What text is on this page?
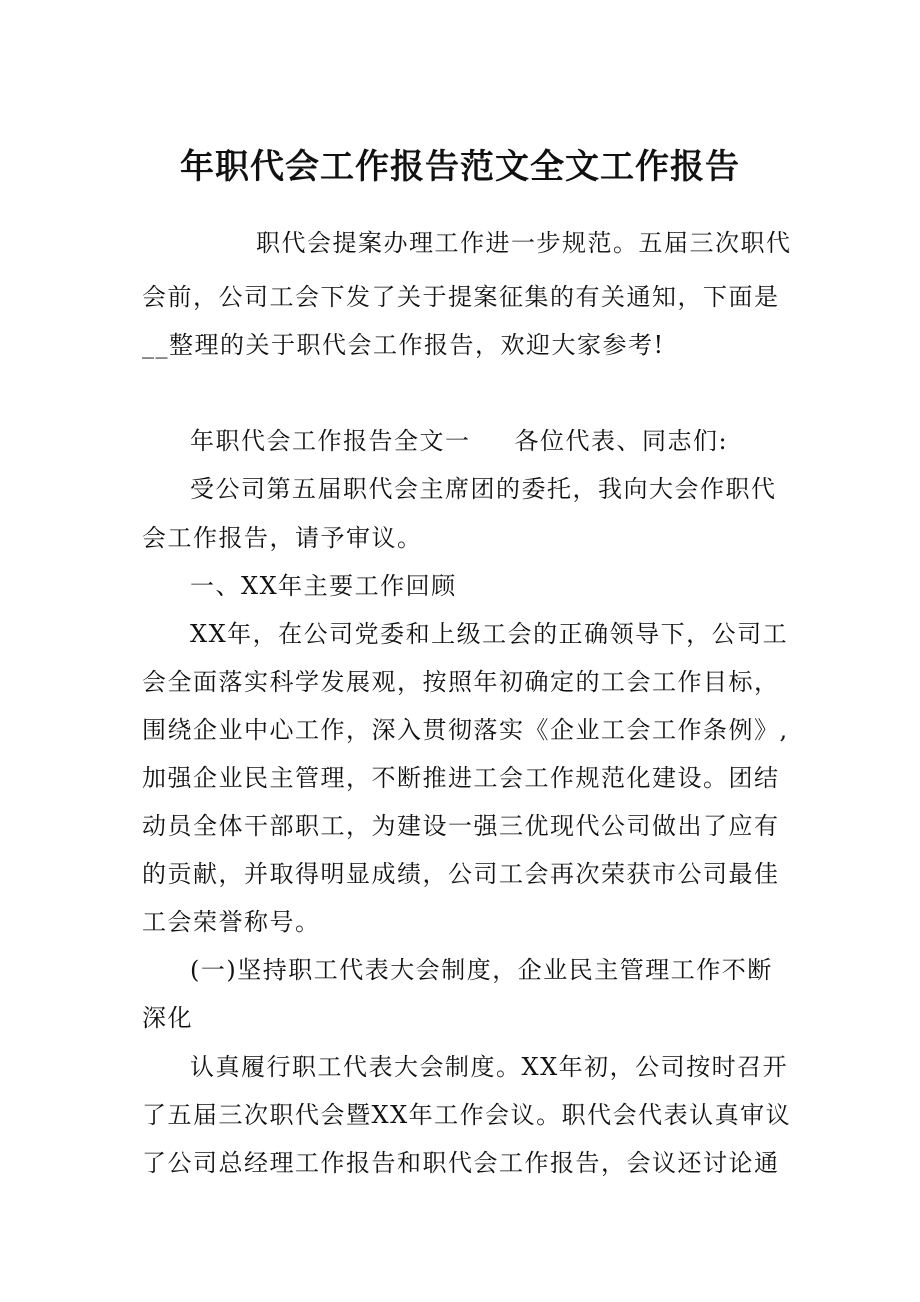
年职代会工作报告范文全文工作报告
职代会提案办理工作进一步规范。五届三次职代
会前，公司工会下发了关于提案征集的有关通知，下面是
__整理的关于职代会工作报告，欢迎大家参考!
年职代会工作报告全文一 各位代表、同志们:
受公司第五届职代会主席团的委托，我向大会作职代
会工作报告，请予审议。
一、XX年主要工作回顾
XX年，在公司党委和上级工会的正确领导下，公司工
会全面落实科学发展观，按照年初确定的工会工作目标，
围绕企业中心工作，深入贯彻落实《企业工会工作条例》,
加强企业民主管理，不断推进工会工作规范化建设。团结
动员全体干部职工，为建设一强三优现代公司做出了应有
的贡献，并取得明显成绩，公司工会再次荣获市公司最佳
工会荣誉称号。
(一)坚持职工代表大会制度，企业民主管理工作不断
深化
认真履行职工代表大会制度。XX年初，公司按时召开
了五届三次职代会暨XX年工作会议。职代会代表认真审议
了公司总经理工作报告和职代会工作报告，会议还讨论通
